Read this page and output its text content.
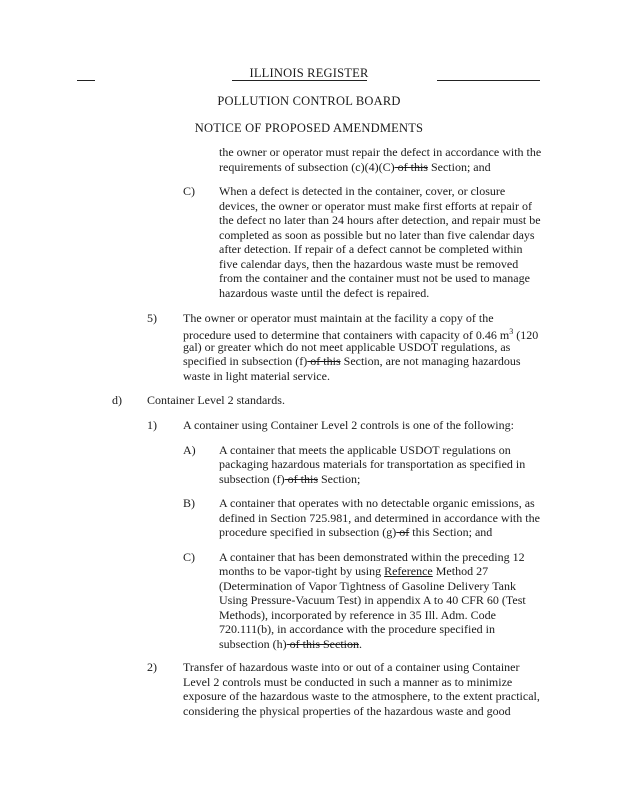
ILLINOIS REGISTER
POLLUTION CONTROL BOARD
NOTICE OF PROPOSED AMENDMENTS
the owner or operator must repair the defect in accordance with the
requirements of subsection (c)(4)(C) of this Section; and
C) When a defect is detected in the container, cover, or closure
devices, the owner or operator must make first efforts at repair of
the defect no later than 24 hours after detection, and repair must be
completed as soon as possible but no later than five calendar days
after detection. If repair of a defect cannot be completed within
five calendar days, then the hazardous waste must be removed
from the container and the container must not be used to manage
hazardous waste until the defect is repaired.
5) The owner or operator must maintain at the facility a copy of the
procedure used to determine that containers with capacity of 0.46 $m^3$ (120
gal) or greater which do not meet applicable USDOT regulations, as
specified in subsection (f) of this Section, are not managing hazardous
waste in light material service.
d) Container Level 2 standards.
1) A container using Container Level 2 controls is one of the following:
A) A container that meets the applicable USDOT regulations on
packaging hazardous materials for transportation as specified in
subsection (f) of this Section;
B) A container that operates with no detectable organic emissions, as
defined in Section 725.981, and determined in accordance with the
procedure specified in subsection (g) of this Section; and
C) A container that has been demonstrated within the preceding 12
months to be vapor-tight by using Reference Method 27
(Determination of Vapor Tightness of Gasoline Delivery Tank
Using Pressure-Vacuum Test) in appendix A to 40 CFR 60 (Test
Methods), incorporated by reference in 35 Ill. Adm. Code
720.111(b), in accordance with the procedure specified in
subsection (h) of this Section.
2) Transfer of hazardous waste into or out of a container using Container
Level 2 controls must be conducted in such a manner as to minimize
exposure of the hazardous waste to the atmosphere, to the extent practical,
considering the physical properties of the hazardous waste and good
